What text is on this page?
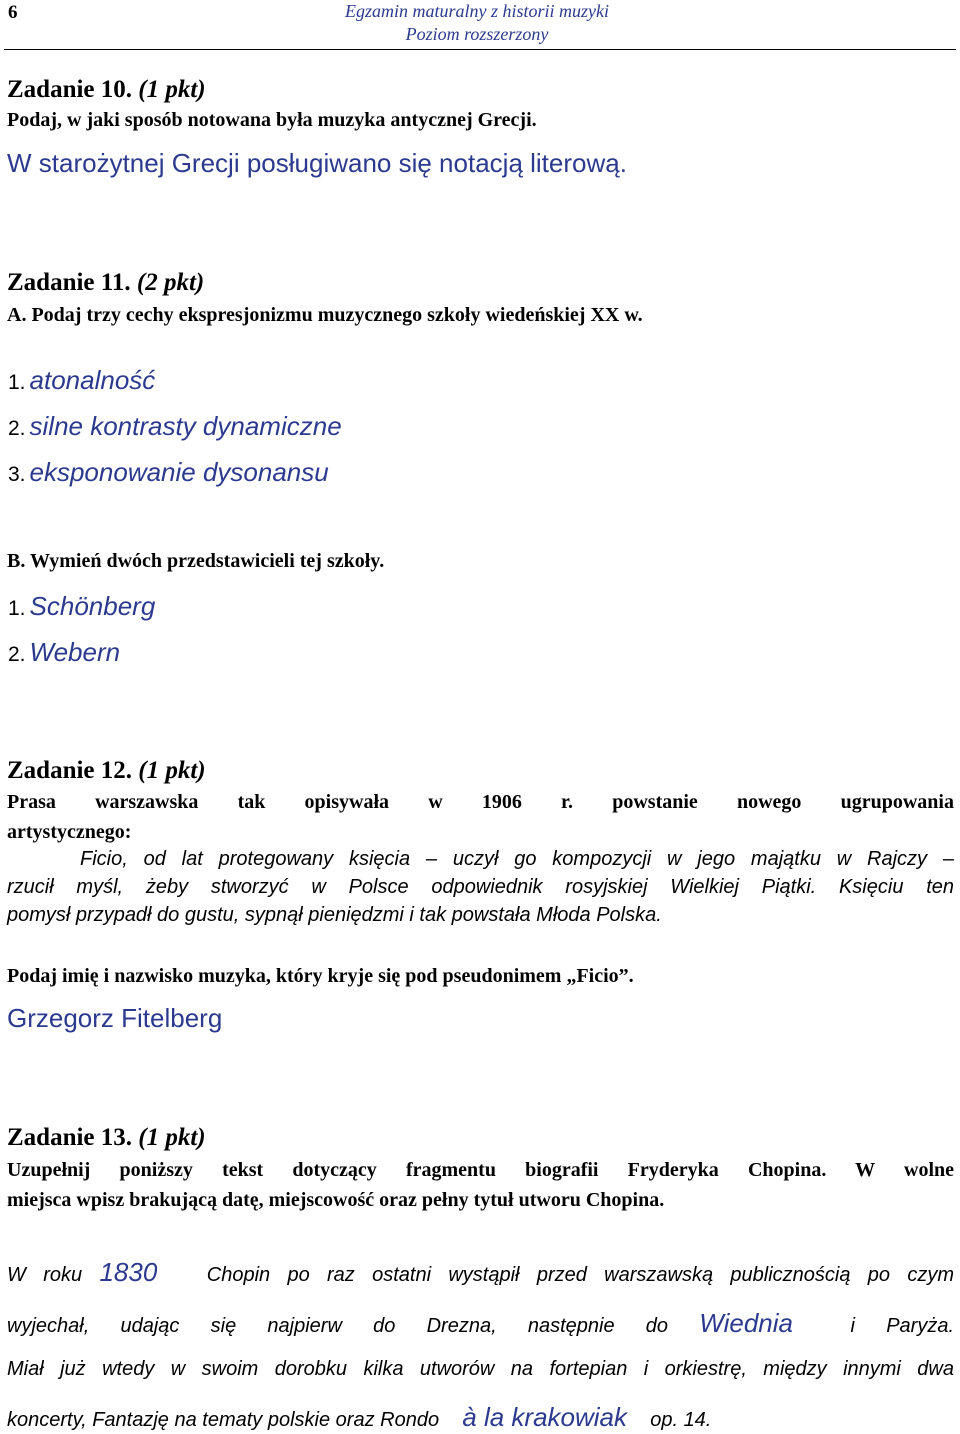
6	Egzamin maturalny z historii muzyki
Poziom rozszerzony
Zadanie 10. (1 pkt)
Podaj, w jaki sposób notowana była muzyka antycznej Grecji.
W starożytnej Grecji posługiwano się notacją literową.
Zadanie 11. (2 pkt)
A. Podaj trzy cechy ekspresjonizmu muzycznego szkoły wiedeńskiej XX w.
1. atonalność
2. silne kontrasty dynamiczne
3. eksponowanie dysonansu
B. Wymień dwóch przedstawicieli tej szkoły.
1. Schönberg
2. Webern
Zadanie 12. (1 pkt)
Prasa warszawska tak opisywała w 1906 r. powstanie nowego ugrupowania
artystycznego:
Ficio, od lat protegowany księcia – uczył go kompozycji w jego majątku w Rajczy –
rzucił myśl, żeby stworzyć w Polsce odpowiednik rosyjskiej Wielkiej Piątki. Księciu ten
pomysł przypadł do gustu, sypnął pieniędzmi i tak powstała Młoda Polska.
Podaj imię i nazwisko muzyka, który kryje się pod pseudonimem „Ficio”.
Grzegorz Fitelberg
Zadanie 13. (1 pkt)
Uzupełnij poniższy tekst dotyczący fragmentu biografii Fryderyka Chopina. W wolne
miejsca wpisz brakującą datę, miejscowość oraz pełny tytuł utworu Chopina.
W roku 1830 Chopin po raz ostatni wystąpił przed warszawską publicznością po czym
wyjechał, udając się najpierw do Drezna, następnie do Wiednia	i Paryża.
Miał już wtedy w swoim dorobku kilka utworów na fortepian i orkiestrę, między innymi dwa
koncerty, Fantazję na tematy polskie oraz Rondo à la krakowiak op. 14.
